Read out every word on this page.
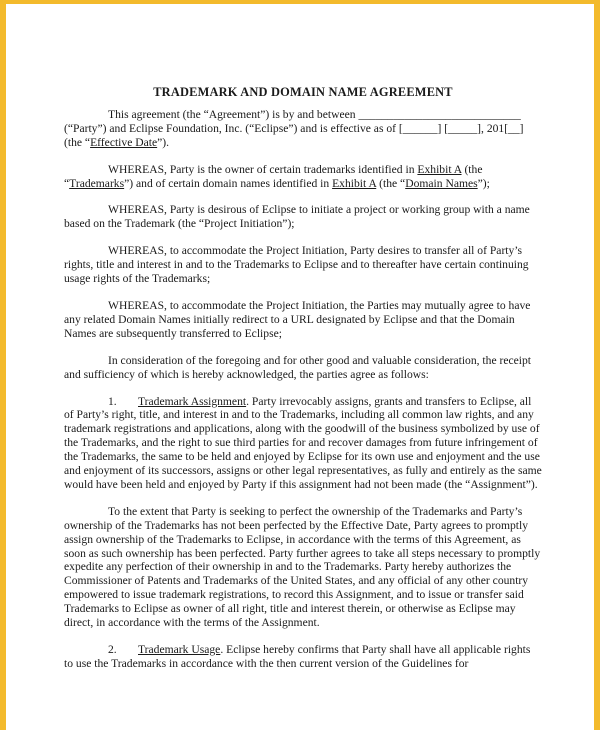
TRADEMARK AND DOMAIN NAME AGREEMENT

This agreement (the “Agreement”) is by and between ____________________________ (“Party”) and Eclipse Foundation, Inc. (“Eclipse”) and is effective as of [______] [_____], 201[__] (the “Effective Date”).

WHEREAS, Party is the owner of certain trademarks identified in Exhibit A (the “Trademarks”) and of certain domain names identified in Exhibit A (the “Domain Names”);

WHEREAS, Party is desirous of Eclipse to initiate a project or working group with a name based on the Trademark (the “Project Initiation”);

WHEREAS, to accommodate the Project Initiation, Party desires to transfer all of Party’s rights, title and interest in and to the Trademarks to Eclipse and to thereafter have certain continuing usage rights of the Trademarks;

WHEREAS, to accommodate the Project Initiation, the Parties may mutually agree to have any related Domain Names initially redirect to a URL designated by Eclipse and that the Domain Names are subsequently transferred to Eclipse;

In consideration of the foregoing and for other good and valuable consideration, the receipt and sufficiency of which is hereby acknowledged, the parties agree as follows:

1. Trademark Assignment. Party irrevocably assigns, grants and transfers to Eclipse, all of Party’s right, title, and interest in and to the Trademarks, including all common law rights, and any trademark registrations and applications, along with the goodwill of the business symbolized by use of the Trademarks, and the right to sue third parties for and recover damages from future infringement of the Trademarks, the same to be held and enjoyed by Eclipse for its own use and enjoyment and the use and enjoyment of its successors, assigns or other legal representatives, as fully and entirely as the same would have been held and enjoyed by Party if this assignment had not been made (the “Assignment”).

To the extent that Party is seeking to perfect the ownership of the Trademarks and Party’s ownership of the Trademarks has not been perfected by the Effective Date, Party agrees to promptly assign ownership of the Trademarks to Eclipse, in accordance with the terms of this Agreement, as soon as such ownership has been perfected. Party further agrees to take all steps necessary to promptly expedite any perfection of their ownership in and to the Trademarks. Party hereby authorizes the Commissioner of Patents and Trademarks of the United States, and any official of any other country empowered to issue trademark registrations, to record this Assignment, and to issue or transfer said Trademarks to Eclipse as owner of all right, title and interest therein, or otherwise as Eclipse may direct, in accordance with the terms of the Assignment.

2. Trademark Usage. Eclipse hereby confirms that Party shall have all applicable rights to use the Trademarks in accordance with the then current version of the Guidelines for
